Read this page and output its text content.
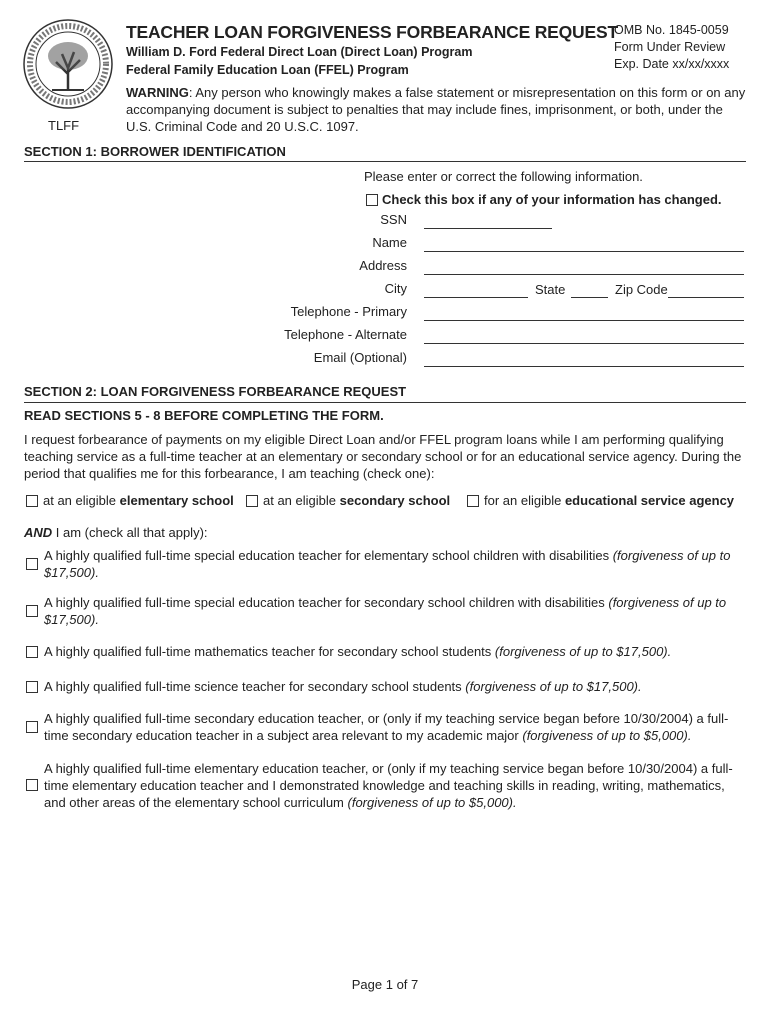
TLFF
TEACHER LOAN FORGIVENESS FORBEARANCE REQUEST
William D. Ford Federal Direct Loan (Direct Loan) Program
Federal Family Education Loan (FFEL) Program
OMB No. 1845-0059
Form Under Review
Exp. Date xx/xx/xxxx
WARNING: Any person who knowingly makes a false statement or misrepresentation on this form or on any accompanying document is subject to penalties that may include fines, imprisonment, or both, under the U.S. Criminal Code and 20 U.S.C. 1097.
SECTION 1: BORROWER IDENTIFICATION
Please enter or correct the following information.
Check this box if any of your information has changed.
SSN
Name
Address
City	State	Zip Code
Telephone - Primary
Telephone - Alternate
Email (Optional)
SECTION 2: LOAN FORGIVENESS FORBEARANCE REQUEST
READ SECTIONS 5 - 8 BEFORE COMPLETING THE FORM.
I request forbearance of payments on my eligible Direct Loan and/or FFEL program loans while I am performing qualifying teaching service as a full-time teacher at an elementary or secondary school or for an educational service agency. During the period that qualifies me for this forbearance, I am teaching (check one):
at an eligible elementary school at an eligible secondary school	for an eligible educational service agency
AND I am (check all that apply):
A highly qualified full-time special education teacher for elementary school children with disabilities (forgiveness of up to $17,500).
A highly qualified full-time special education teacher for secondary school children with disabilities (forgiveness of up to $17,500).
A highly qualified full-time mathematics teacher for secondary school students (forgiveness of up to $17,500).
A highly qualified full-time science teacher for secondary school students (forgiveness of up to $17,500).
A highly qualified full-time secondary education teacher, or (only if my teaching service began before 10/30/2004) a full-time secondary education teacher in a subject area relevant to my academic major (forgiveness of up to $5,000).
A highly qualified full-time elementary education teacher, or (only if my teaching service began before 10/30/2004) a full-time elementary education teacher and I demonstrated knowledge and teaching skills in reading, writing, mathematics, and other areas of the elementary school curriculum (forgiveness of up to $5,000).
Page 1 of 7
